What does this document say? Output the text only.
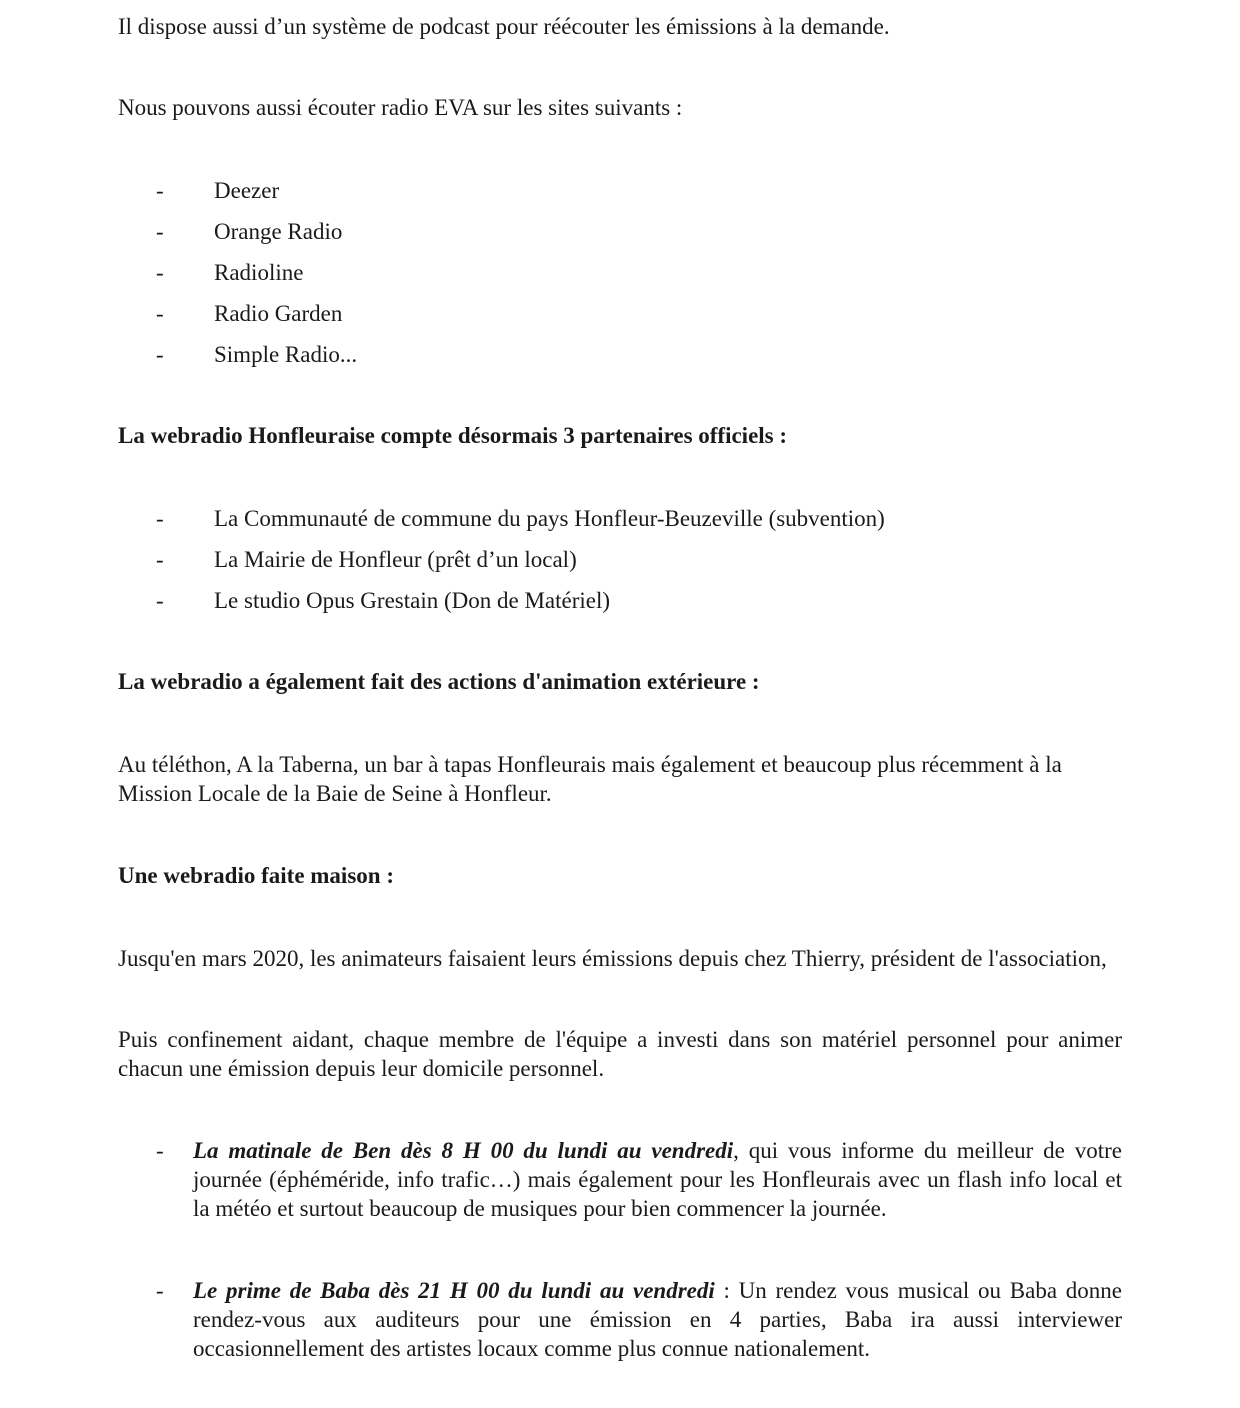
Il dispose aussi d’un système de podcast pour réécouter les émissions à la demande.

Nous pouvons aussi écouter radio EVA sur les sites suivants :

- Deezer
- Orange Radio
- Radioline
- Radio Garden
- Simple Radio...

La webradio Honfleuraise compte désormais 3 partenaires officiels :

- La Communauté de commune du pays Honfleur-Beuzeville (subvention)
- La Mairie de Honfleur (prêt d’un local)
- Le studio Opus Grestain (Don de Matériel)

La webradio a également fait des actions d'animation extérieure :

Au téléthon, A la Taberna, un bar à tapas Honfleurais mais également et beaucoup plus récemment à la Mission Locale de la Baie de Seine à Honfleur.

Une webradio faite maison :

Jusqu'en mars 2020, les animateurs faisaient leurs émissions depuis chez Thierry, président de l'association,

Puis confinement aidant, chaque membre de l'équipe a investi dans son matériel personnel pour animer chacun une émission depuis leur domicile personnel.

- La matinale de Ben dès 8 H 00 du lundi au vendredi, qui vous informe du meilleur de votre journée (éphéméride, info trafic…) mais également pour les Honfleurais avec un flash info local et la météo et surtout beaucoup de musiques pour bien commencer la journée.
- Le prime de Baba dès 21 H 00 du lundi au vendredi : Un rendez vous musical ou Baba donne rendez-vous aux auditeurs pour une émission en 4 parties, Baba ira aussi interviewer occasionnellement des artistes locaux comme plus connue nationalement.
